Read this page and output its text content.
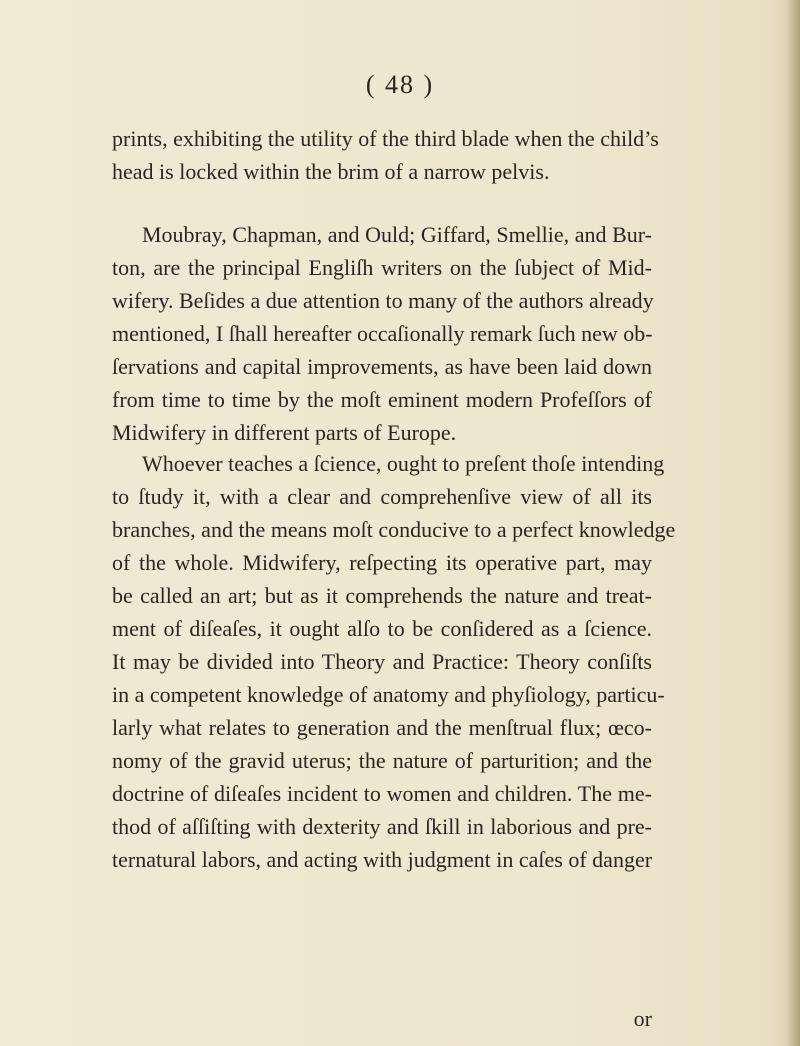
( 48 )
prints, exhibiting the utility of the third blade when the child’s
head is locked within the brim of a narrow pelvis.
Moubray, Chapman, and Ould; Giffard, Smellie, and Bur-
ton, are the principal Engliſh writers on the ſubject of Mid-
wifery. Beſides a due attention to many of the authors already
mentioned, I ſhall hereafter occaſionally remark ſuch new ob-
ſervations and capital improvements, as have been laid down
from time to time by the moſt eminent modern Profeſſors of
Midwifery in different parts of Europe.
Whoever teaches a ſcience, ought to preſent thoſe intending
to ſtudy it, with a clear and comprehenſive view of all its
branches, and the means moſt conducive to a perfect knowledge
of the whole. Midwifery, reſpecting its operative part, may
be called an art; but as it comprehends the nature and treat-
ment of diſeaſes, it ought alſo to be conſidered as a ſcience.
It may be divided into Theory and Practice: Theory conſiſts
in a competent knowledge of anatomy and phyſiology, particu-
larly what relates to generation and the menſtrual flux; œco-
nomy of the gravid uterus; the nature of parturition; and the
doctrine of diſeaſes incident to women and children. The me-
thod of aſſiſting with dexterity and ſkill in laborious and pre-
ternatural labors, and acting with judgment in caſes of danger
or
